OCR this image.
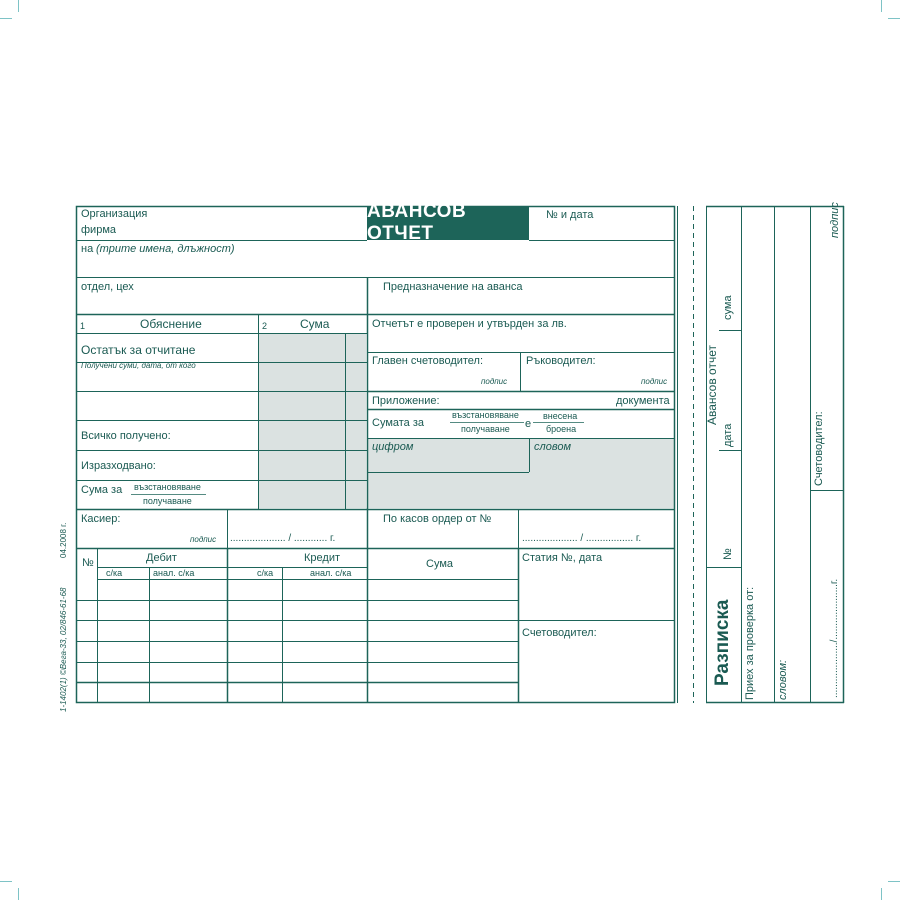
АВАНСОВ ОТЧЕТ
Организация
фирма
№ и дата
на (трите имена, длъжност)
отдел, цех	Предназначение на аванса
1	Обяснение	2	Сума
Остатък за отчитане
Получени суми, дата, от кого
Всичко получено:
Изразходвано:
Сума за възстановяване
получаване
Отчетът е проверен и утвърден за лв.
Главен счетоводител:	Ръководител:
подпис	подпис
Приложение:	документа
Сумата за
възстановяване
получаване е
внесена
броена
цифром	словом
Касиер:
подпис .................... / ............ г.
По касов ордер от №
.................... / ................. г.
№	Дебит	Кредит	Сума
с/ка	анал. с/ка	с/ка	анал. с/ка
Статия №, дата
Счетоводител:
1-1402(1) ©Вега-33, 02/846-61-68
04.2008 г.
Разписка
Авансов отчет
дата
сума
№
Приех за проверка от: словом:
Счетоводител:
подпис
..................../....................г.
